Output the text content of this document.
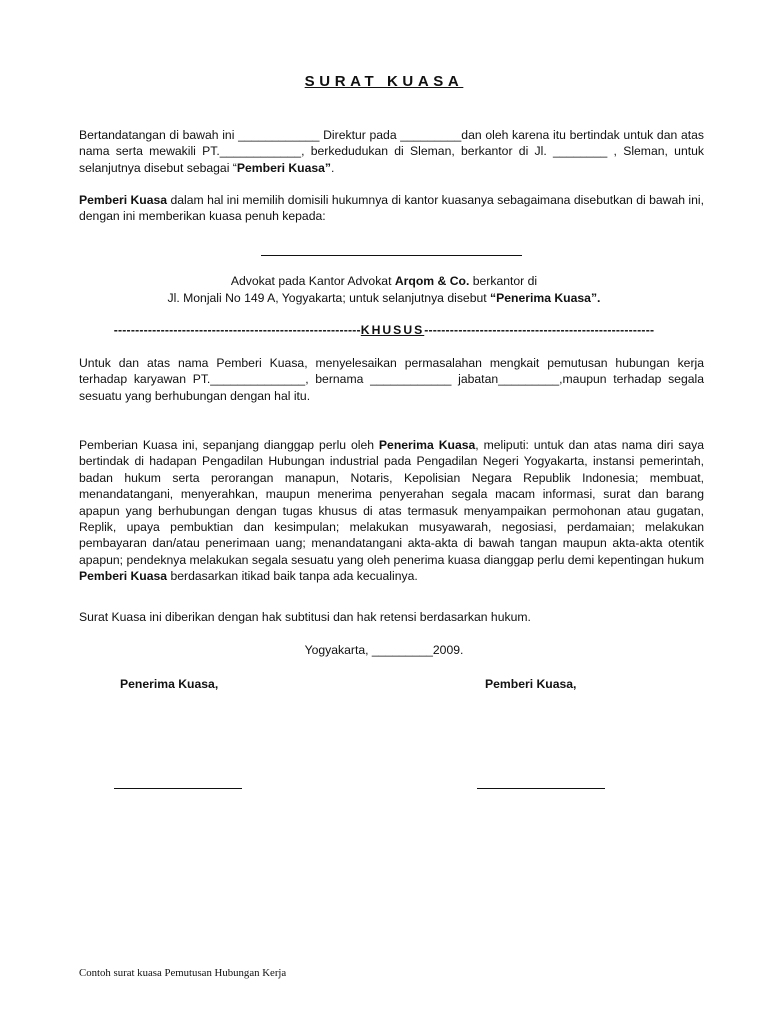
SURAT KUASA

Bertandatangan di bawah ini ____________ Direktur pada _________dan oleh karena itu bertindak untuk dan atas nama serta mewakili PT.____________, berkedudukan di Sleman, berkantor di Jl. ________ , Sleman, untuk selanjutnya disebut sebagai “Pemberi Kuasa”.

Pemberi Kuasa dalam hal ini memilih domisili hukumnya di kantor kuasanya sebagaimana disebutkan di bawah ini, dengan ini memberikan kuasa penuh kepada:

Advokat pada Kantor Advokat Arqom & Co. berkantor di

Jl. Monjali No 149 A, Yogyakarta; untuk selanjutnya disebut “Penerima Kuasa”.

----------------------------------------------------------KHUSUS------------------------------------------------------

Untuk dan atas nama Pemberi Kuasa, menyelesaikan permasalahan mengkait pemutusan hubungan kerja terhadap karyawan PT.______________, bernama ____________ jabatan_________,maupun terhadap segala sesuatu yang berhubungan dengan hal itu.

Pemberian Kuasa ini, sepanjang dianggap perlu oleh Penerima Kuasa, meliputi: untuk dan atas nama diri saya bertindak di hadapan Pengadilan Hubungan industrial pada Pengadilan Negeri Yogyakarta, instansi pemerintah, badan hukum serta perorangan manapun, Notaris, Kepolisian Negara Republik Indonesia; membuat, menandatangani, menyerahkan, maupun menerima penyerahan segala macam informasi, surat dan barang apapun yang berhubungan dengan tugas khusus di atas termasuk menyampaikan permohonan atau gugatan, Replik, upaya pembuktian dan kesimpulan; melakukan musyawarah, negosiasi, perdamaian; melakukan pembayaran dan/atau penerimaan uang; menandatangani akta-akta di bawah tangan maupun akta-akta otentik apapun; pendeknya melakukan segala sesuatu yang oleh penerima kuasa dianggap perlu demi kepentingan hukum Pemberi Kuasa berdasarkan itikad baik tanpa ada kecualinya.

Surat Kuasa ini diberikan dengan hak subtitusi dan hak retensi berdasarkan hukum.

Yogyakarta, _________2009.

Penerima Kuasa,	Pemberi Kuasa,
Contoh surat kuasa Pemutusan Hubungan Kerja
